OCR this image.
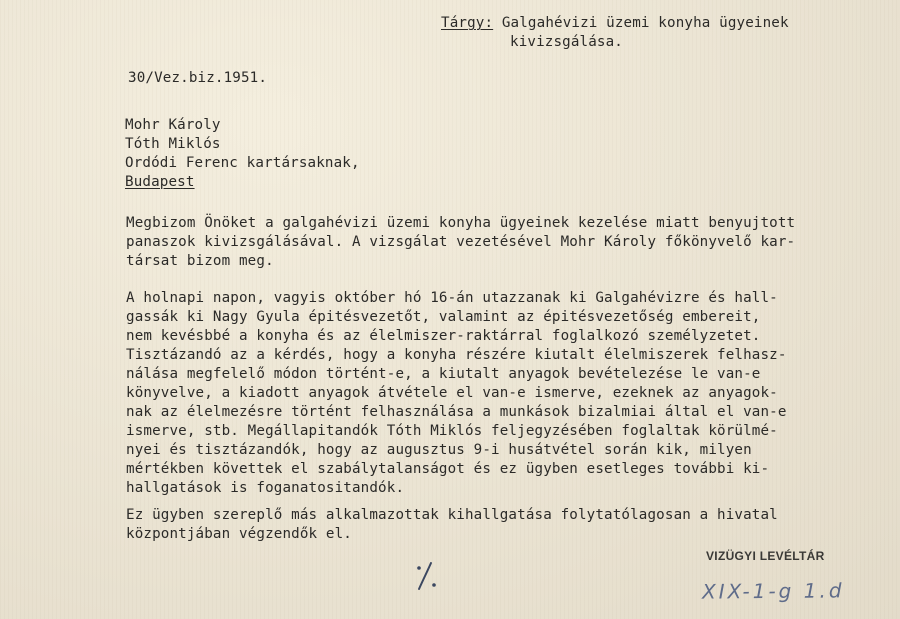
Tárgy: Galgahévizi üzemi konyha ügyeinek
kivizsgálása.
30/Vez.biz.1951.
Mohr Károly
Tóth Miklós
Ordódi Ferenc kartársaknak,
Budapest
Megbizom Önöket a galgahévizi üzemi konyha ügyeinek kezelése miatt benyujtott
panaszok kivizsgálásával. A vizsgálat vezetésével Mohr Károly főkönyvelő kar-
társat bizom meg.
A holnapi napon, vagyis október hó 16-án utazzanak ki Galgahévizre és hall-
gassák ki Nagy Gyula épitésvezetőt, valamint az épitésvezetőség embereit,
nem kevésbbé a konyha és az élelmiszer-raktárral foglalkozó személyzetet.
Tisztázandó az a kérdés, hogy a konyha részére kiutalt élelmiszerek felhasz-
nálása megfelelő módon történt-e, a kiutalt anyagok bevételezése le van-e
könyvelve, a kiadott anyagok átvétele el van-e ismerve, ezeknek az anyagok-
nak az élelmezésre történt felhasználása a munkások bizalmiai által el van-e
ismerve, stb. Megállapitandók Tóth Miklós feljegyzésében foglaltak körülmé-
nyei és tisztázandók, hogy az augusztus 9-i husátvétel során kik, milyen
mértékben követtek el szabálytalanságot és ez ügyben esetleges további ki-
hallgatások is foganatositandók.
Ez ügyben szereplő más alkalmazottak kihallgatása folytatólagosan a hivatal
központjában végzendők el.
VIZÜGYI LEVÉLTÁR
XIX-1-g 1.d
